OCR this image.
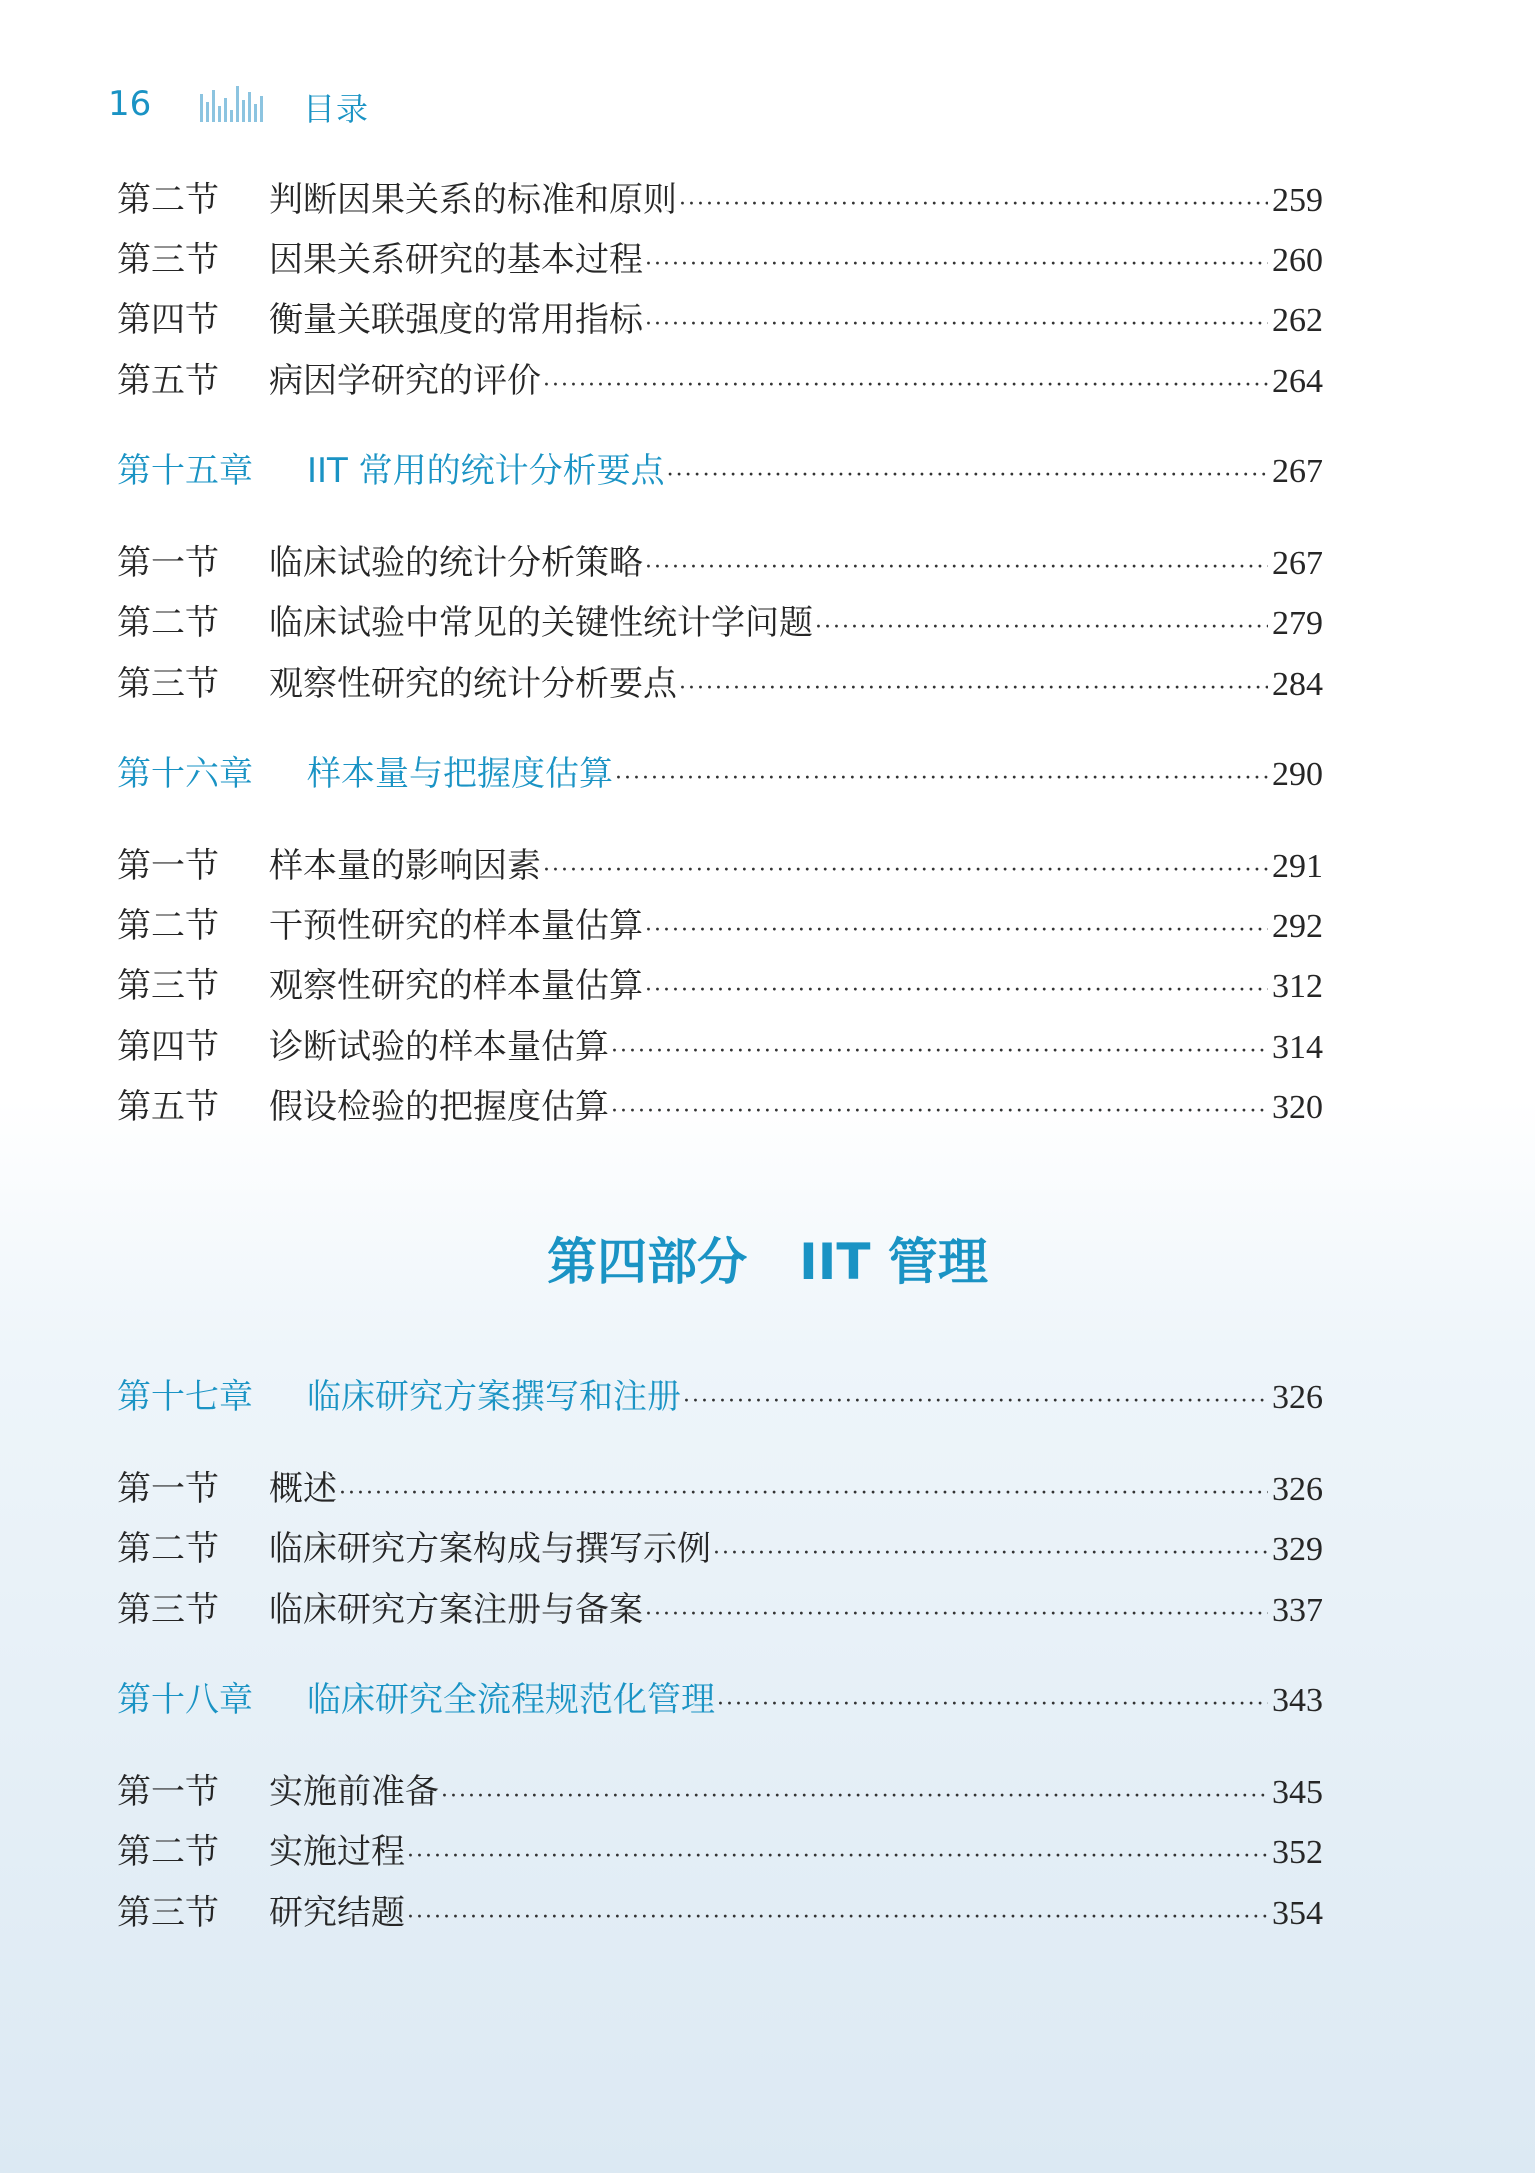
16	目录
第二节	判断因果关系的标准和原则 ·····	259
第三节	因果关系研究的基本过程 ·····	260
第四节	衡量关联强度的常用指标 ·····	262
第五节	病因学研究的评价 ·····	264
第十五章	IIT 常用的统计分析要点 ·····	267
第一节	临床试验的统计分析策略 ·····	267
第二节	临床试验中常见的关键性统计学问题 ·····	279
第三节	观察性研究的统计分析要点 ·····	284
第十六章	样本量与把握度估算 ·····	290
第一节	样本量的影响因素 ·····	291
第二节	干预性研究的样本量估算 ·····	292
第三节	观察性研究的样本量估算 ·····	312
第四节	诊断试验的样本量估算 ·····	314
第五节	假设检验的把握度估算 ·····	320
第十七章	临床研究方案撰写和注册 ·····	326
第一节	概述 ·····	326
第二节	临床研究方案构成与撰写示例 ·····	329
第三节	临床研究方案注册与备案 ·····	337
第十八章	临床研究全流程规范化管理 ·····	343
第一节	实施前准备 ·····	345
第二节	实施过程 ·····	352
第三节	研究结题 ·····	354
第四部分 IIT 管理
